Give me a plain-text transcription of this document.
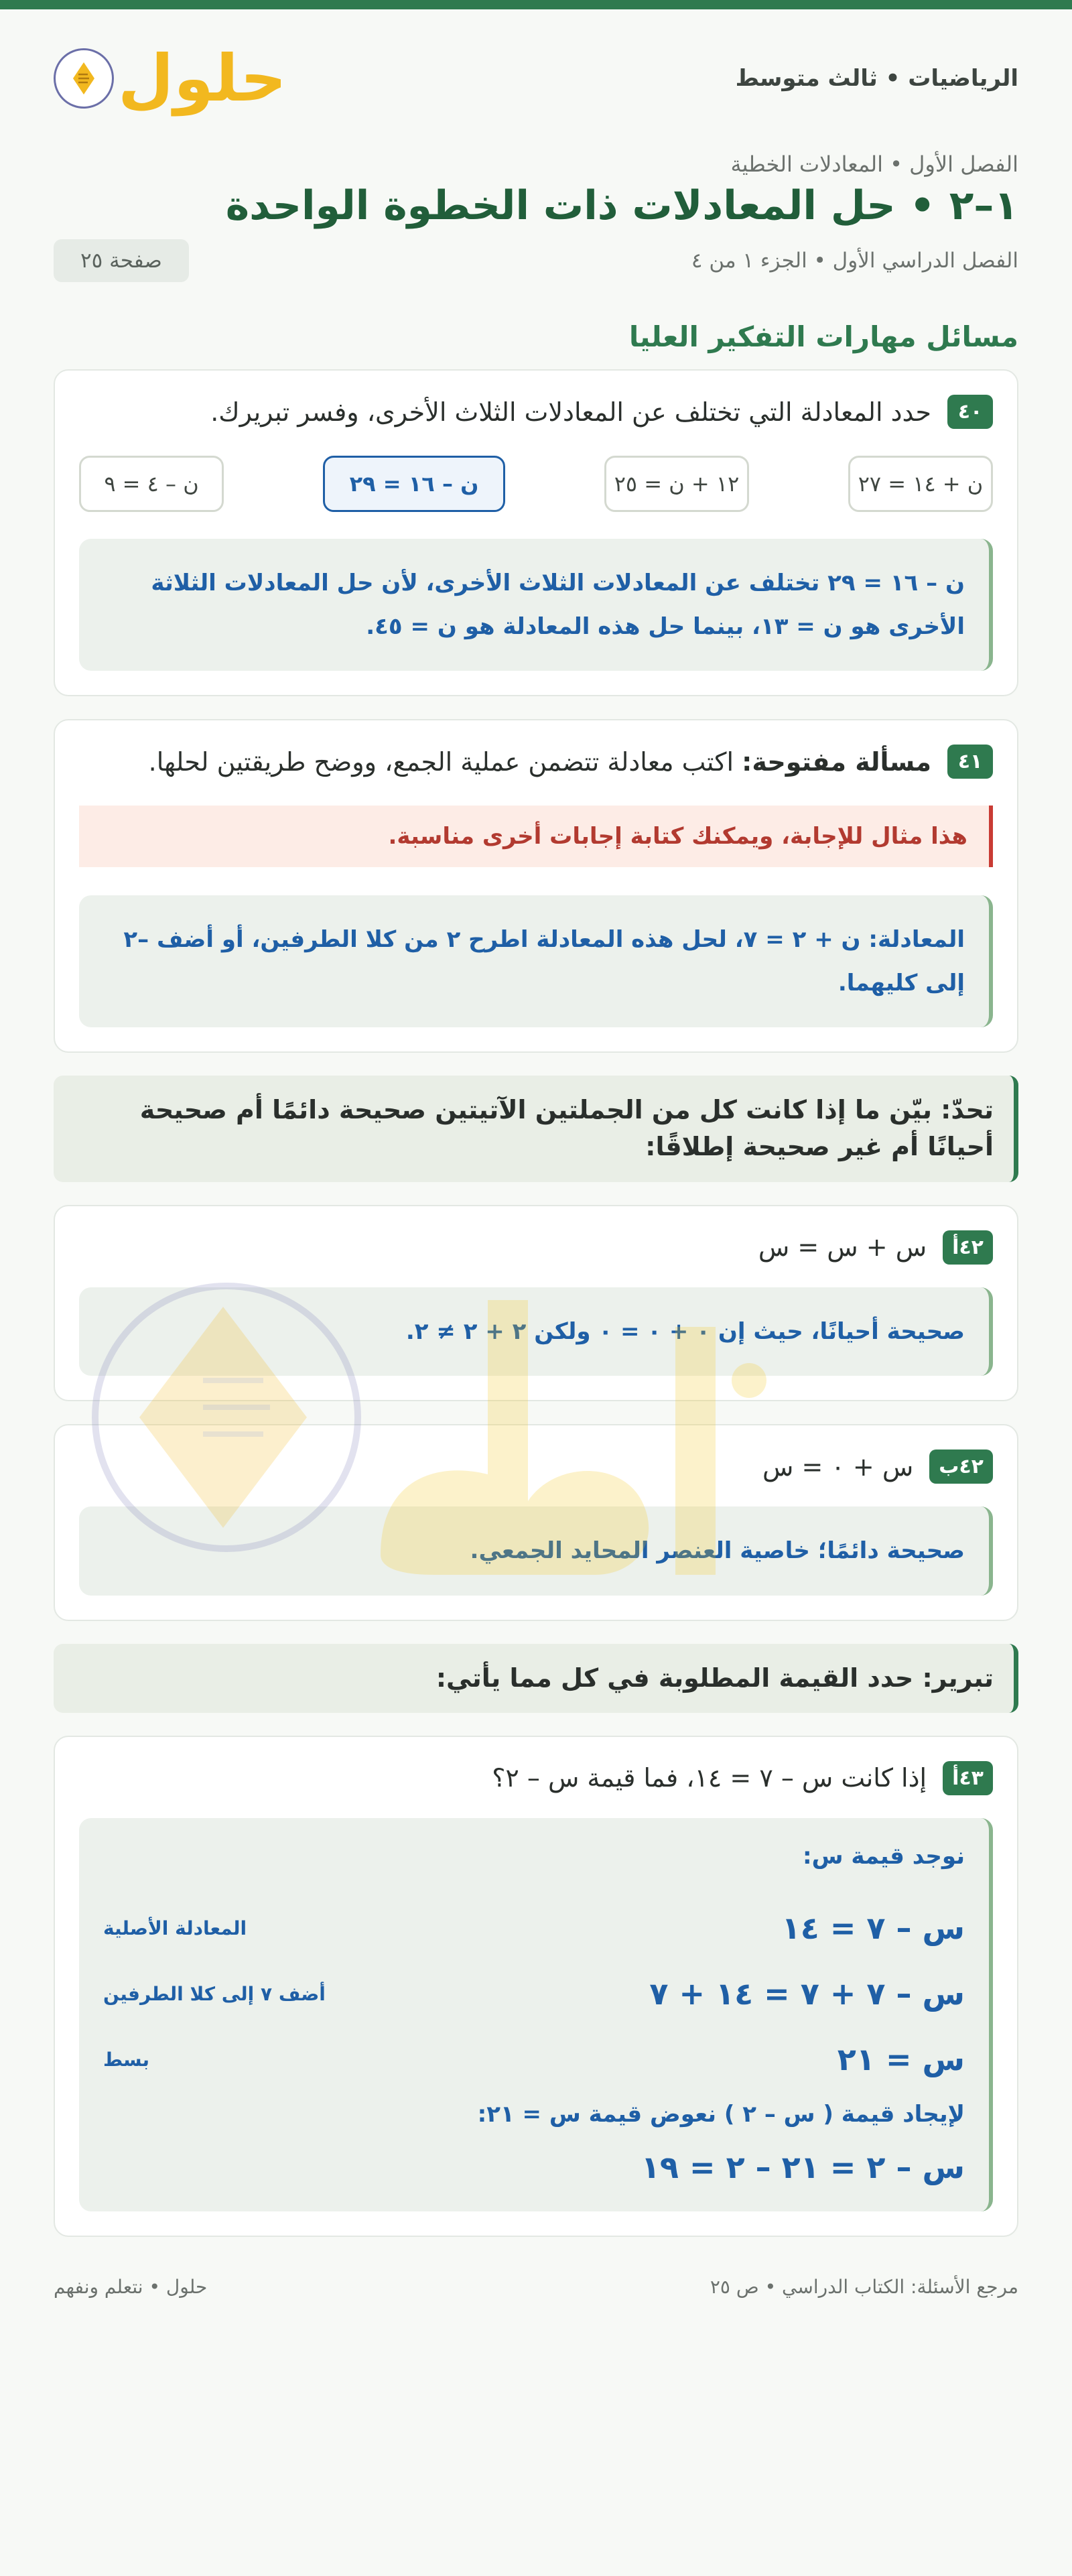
الرياضيات • ثالث متوسط
حلول
الفصل الأول • المعادلات الخطية
١–٢ • حل المعادلات ذات الخطوة الواحدة
الفصل الدراسي الأول • الجزء ١ من ٤
صفحة ٢٥
مسائل مهارات التفكير العليا
٤٠
حدد المعادلة التي تختلف عن المعادلات الثلاث الأخرى، وفسر تبريرك.
ن + ١٤ = ٢٧
١٢ + ن = ٢٥
ن – ١٦ = ٢٩
ن – ٤ = ٩
ن – ١٦ = ٢٩ تختلف عن المعادلات الثلاث الأخرى، لأن حل المعادلات الثلاثة الأخرى هو ن = ١٣، بينما حل هذه المعادلة هو ن = ٤٥.
٤١
مسألة مفتوحة: اكتب معادلة تتضمن عملية الجمع، ووضح طريقتين لحلها.
هذا مثال للإجابة، ويمكنك كتابة إجابات أخرى مناسبة.
المعادلة: ن + ٢ = ٧، لحل هذه المعادلة اطرح ٢ من كلا الطرفين، أو أضف –٢ إلى كليهما.
تحدّ: بيّن ما إذا كانت كل من الجملتين الآتيتين صحيحة دائمًا أم صحيحة أحيانًا أم غير صحيحة إطلاقًا:
٤٢أ
س + س = س
صحيحة أحيانًا، حيث إن ٠ + ٠ = ٠ ولكن ٢ + ٢ ≠ ٢.
٤٢ب
س + ٠ = س
صحيحة دائمًا؛ خاصية العنصر المحايد الجمعي.
تبرير: حدد القيمة المطلوبة في كل مما يأتي:
٤٣أ
إذا كانت س – ٧ = ١٤، فما قيمة س – ٢؟
نوجد قيمة س:
س – ٧ = ١٤
المعادلة الأصلية
س – ٧ + ٧ = ١٤ + ٧
أضف ٧ إلى كلا الطرفين
س = ٢١
بسط
لإيجاد قيمة ( س – ٢ ) نعوض قيمة س = ٢١:
س – ٢ = ٢١ – ٢ = ١٩
مرجع الأسئلة: الكتاب الدراسي • ص ٢٥
حلول • نتعلم ونفهم
